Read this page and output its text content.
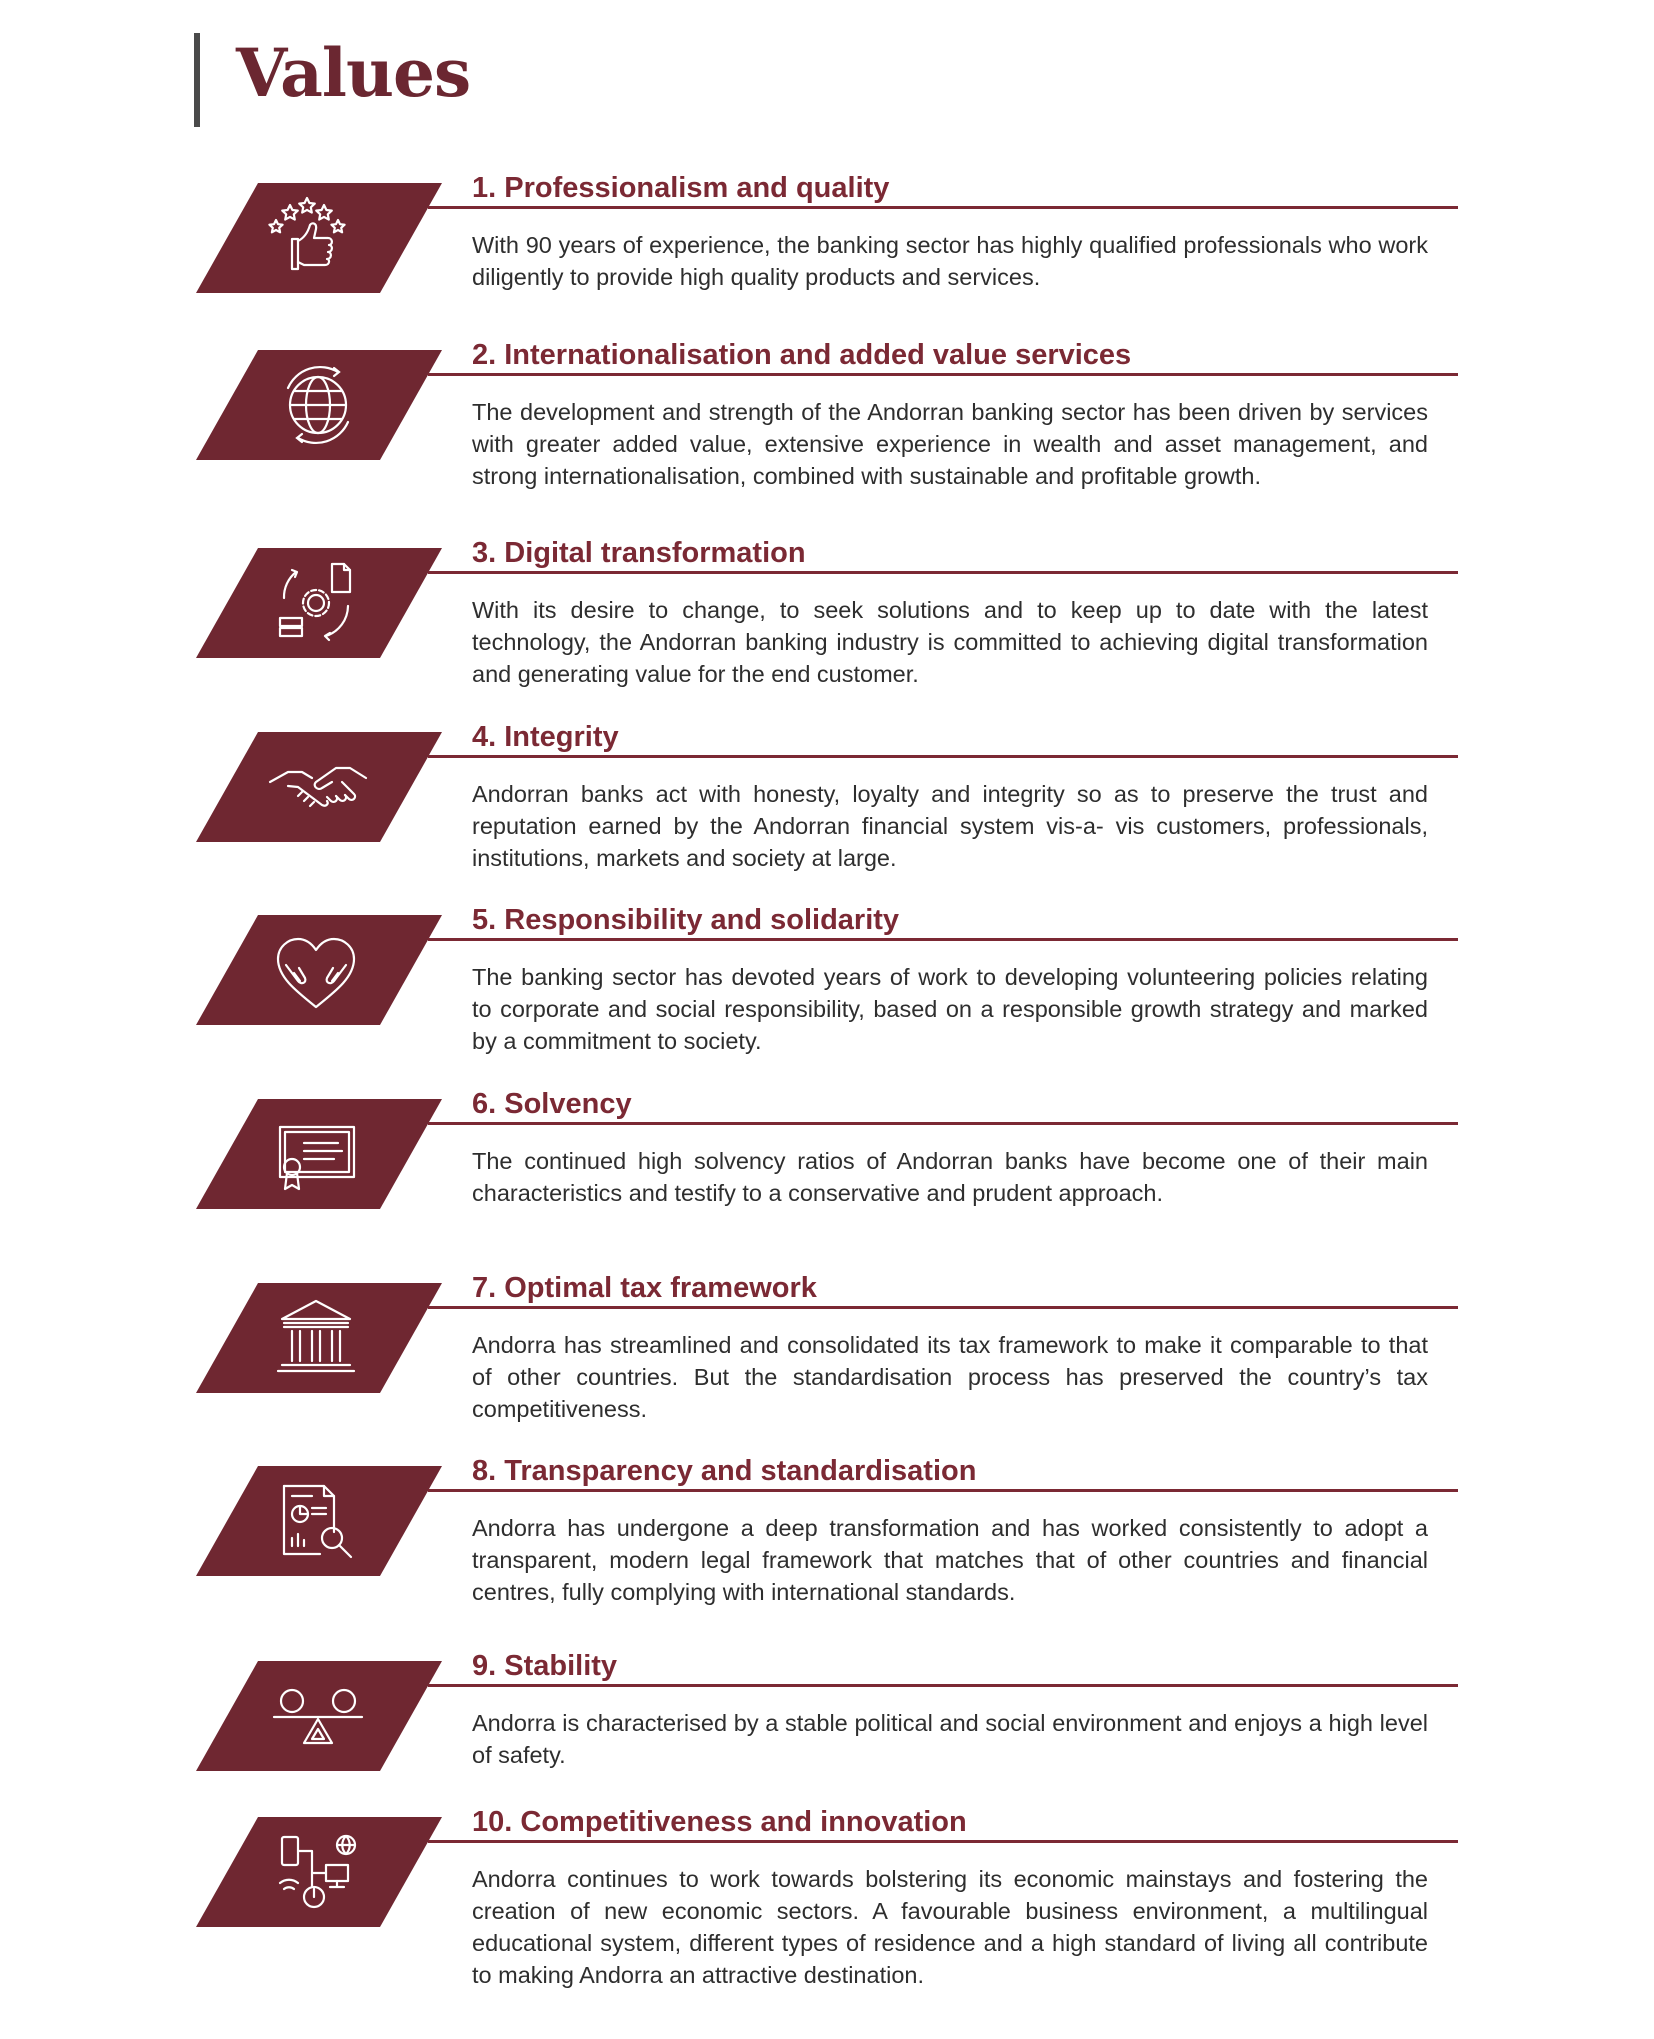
Values
1. Professionalism and quality

With 90 years of experience, the banking sector has highly qualified professionals who work diligently to provide high quality products and services.

2. Internationalisation and added value services

The development and strength of the Andorran banking sector has been driven by services with greater added value, extensive experience in wealth and asset management, and strong internationalisation, combined with sustainable and profitable growth.

3. Digital transformation

With its desire to change, to seek solutions and to keep up to date with the latest technology, the Andorran banking industry is committed to achieving digital transformation and generating value for the end customer.

4. Integrity

Andorran banks act with honesty, loyalty and integrity so as to preserve the trust and reputation earned by the Andorran financial system vis-a- vis customers, professionals, institutions, markets and society at large.

5. Responsibility and solidarity

The banking sector has devoted years of work to developing volunteering policies relating to corporate and social responsibility, based on a responsible growth strategy and marked by a commitment to society.

6. Solvency

The continued high solvency ratios of Andorran banks have become one of their main characteristics and testify to a conservative and prudent approach.

7. Optimal tax framework

Andorra has streamlined and consolidated its tax framework to make it comparable to that of other countries. But the standardisation process has preserved the country’s tax competitiveness.

8. Transparency and standardisation

Andorra has undergone a deep transformation and has worked consistently to adopt a transparent, modern legal framework that matches that of other countries and financial centres, fully complying with international standards.

9. Stability

Andorra is characterised by a stable political and social environment and enjoys a high level of safety.

10. Competitiveness and innovation

Andorra continues to work towards bolstering its economic mainstays and fostering the creation of new economic sectors. A favourable business environment, a multilingual educational system, different types of residence and a high standard of living all contribute to making Andorra an attractive destination.
